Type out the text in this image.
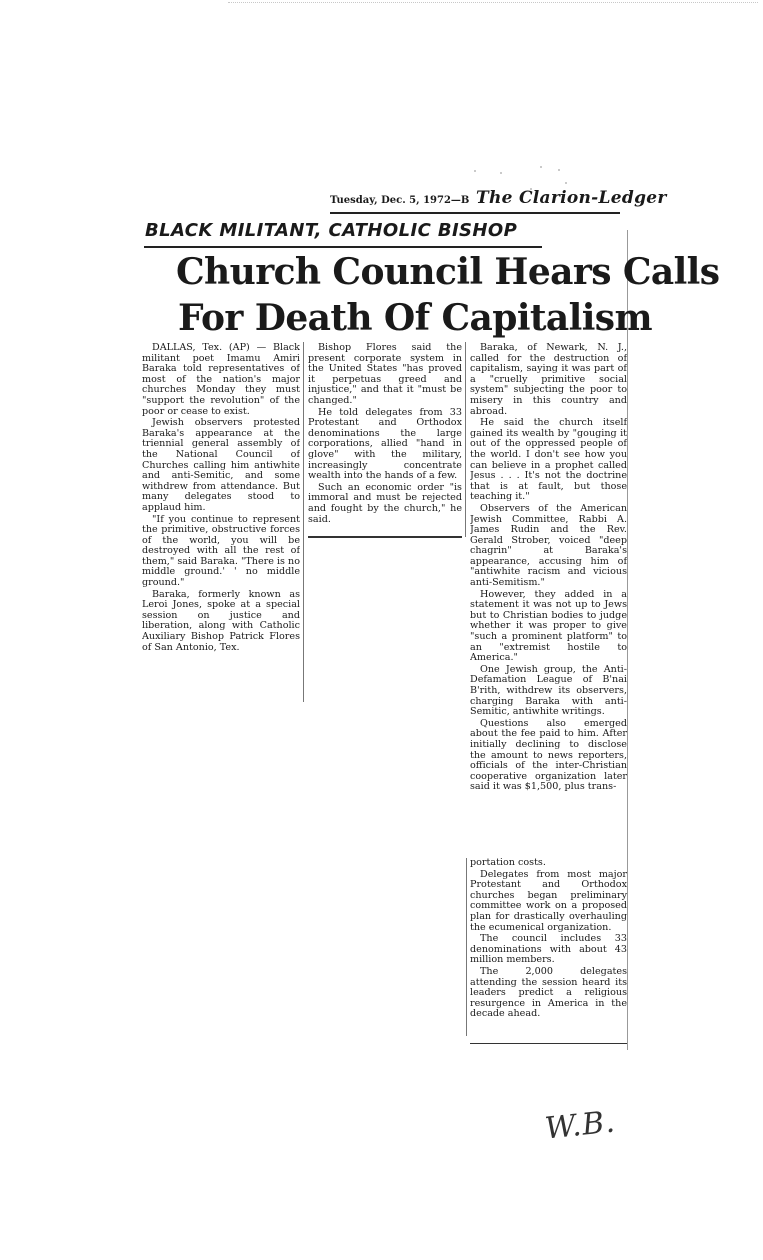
Tuesday, Dec. 5, 1972—B The Clarion-Ledger
BLACK MILITANT, CATHOLIC BISHOP
Church Council Hears Calls
For Death Of Capitalism

DALLAS, Tex. (AP) — Black militant poet Imamu Amiri Baraka told representatives of most of the nation's major churches Monday they must "support the revolution" of the poor or cease to exist.

Jewish observers protested Baraka's appearance at the triennial general assembly of the National Council of Churches calling him antiwhite and anti-Semitic, and some withdrew from attendance. But many delegates stood to applaud him.

"If you continue to represent the primitive, obstructive forces of the world, you will be destroyed with all the rest of them," said Baraka. "There is no middle ground.' ' no middle ground."

Baraka, formerly known as Leroi Jones, spoke at a special session on justice and liberation, along with Catholic Auxiliary Bishop Patrick Flores of San Antonio, Tex.

Bishop Flores said the present corporate system in the United States "has proved it perpetuas greed and injustice," and that it "must be changed."

He told delegates from 33 Protestant and Orthodox denominations the large corporations, allied "hand in glove" with the military, increasingly concentrate wealth into the hands of a few.

Such an economic order "is immoral and must be rejected and fought by the church," he said.

Baraka, of Newark, N. J., called for the destruction of capitalism, saying it was part of a "cruelly primitive social system" subjecting the poor to misery in this country and abroad.

He said the church itself gained its wealth by "gouging it out of the oppressed people of the world. I don't see how you can believe in a prophet called Jesus . . . It's not the doctrine that is at fault, but those teaching it."

Observers of the American Jewish Committee, Rabbi A. James Rudin and the Rev. Gerald Strober, voiced "deep chagrin" at Baraka's appearance, accusing him of "antiwhite racism and vicious anti-Semitism."

However, they added in a statement it was not up to Jews but to Christian bodies to judge whether it was proper to give "such a prominent platform" to an "extremist hostile to America."

One Jewish group, the Anti-Defamation League of B'nai B'rith, withdrew its observers, charging Baraka with anti-Semitic, antiwhite writings.

Questions also emerged about the fee paid to him. After initially declining to disclose the amount to news reporters, officials of the inter-Christian cooperative organization later said it was $1,500, plus trans-

portation costs.

Delegates from most major Protestant and Orthodox churches began preliminary committee work on a proposed plan for drastically overhauling the ecumenical organization.

The council includes 33 denominations with about 43 million members.

The 2,000 delegates attending the session heard its leaders predict a religious resurgence in America in the decade ahead.

W.B.
